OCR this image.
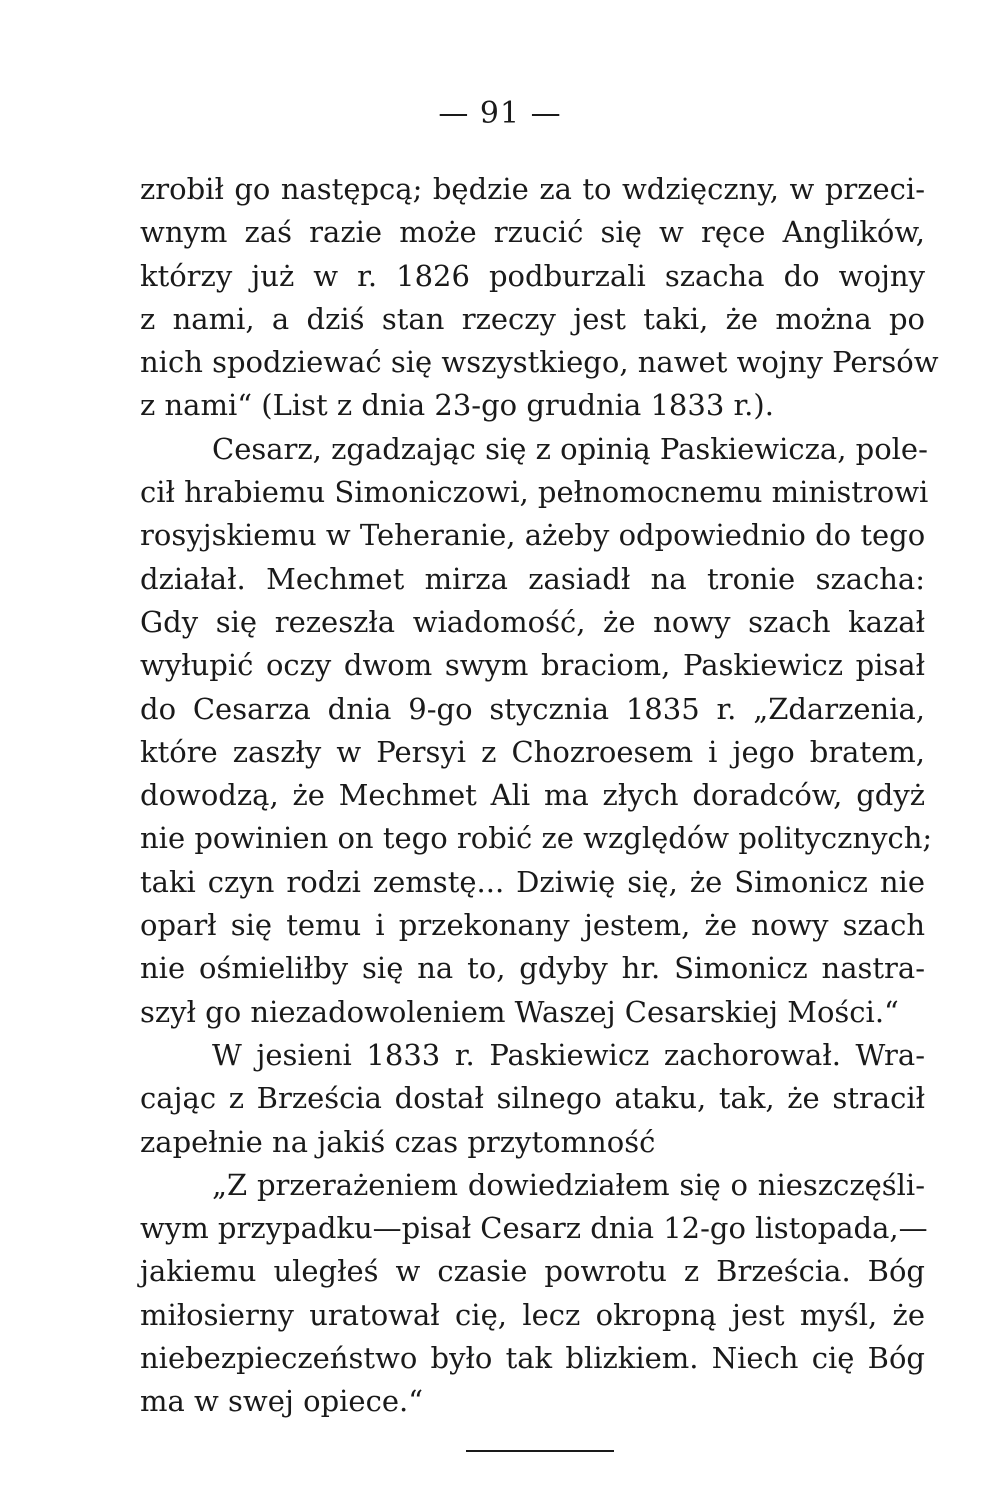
— 91 —
zrobił go następcą; będzie za to wdzięczny, w przeci-
wnym zaś razie może rzucić się w ręce Anglików,
którzy już w r. 1826 podburzali szacha do wojny
z nami, a dziś stan rzeczy jest taki, że można po
nich spodziewać się wszystkiego, nawet wojny Persów
z nami“ (List z dnia 23-go grudnia 1833 r.).
Cesarz, zgadzając się z opinią Paskiewicza, pole-
cił hrabiemu Simoniczowi, pełnomocnemu ministrowi
rosyjskiemu w Teheranie, ażeby odpowiednio do tego
działał. Mechmet mirza zasiadł na tronie szacha:
Gdy się rezeszła wiadomość, że nowy szach kazał
wyłupić oczy dwom swym braciom, Paskiewicz pisał
do Cesarza dnia 9-go stycznia 1835 r. „Zdarzenia,
które zaszły w Persyi z Chozroesem i jego bratem,
dowodzą, że Mechmet Ali ma złych doradców, gdyż
nie powinien on tego robić ze względów politycznych;
taki czyn rodzi zemstę... Dziwię się, że Simonicz nie
oparł się temu i przekonany jestem, że nowy szach
nie ośmieliłby się na to, gdyby hr. Simonicz nastra-
szył go niezadowoleniem Waszej Cesarskiej Mości.“
W jesieni 1833 r. Paskiewicz zachorował. Wra-
cając z Brześcia dostał silnego ataku, tak, że stracił
zapełnie na jakiś czas przytomność
„Z przerażeniem dowiedziałem się o nieszczęśli-
wym przypadku—pisał Cesarz dnia 12-go listopada,—
jakiemu uległeś w czasie powrotu z Brześcia. Bóg
miłosierny uratował cię, lecz okropną jest myśl, że
niebezpieczeństwo było tak blizkiem. Niech cię Bóg
ma w swej opiece.“
